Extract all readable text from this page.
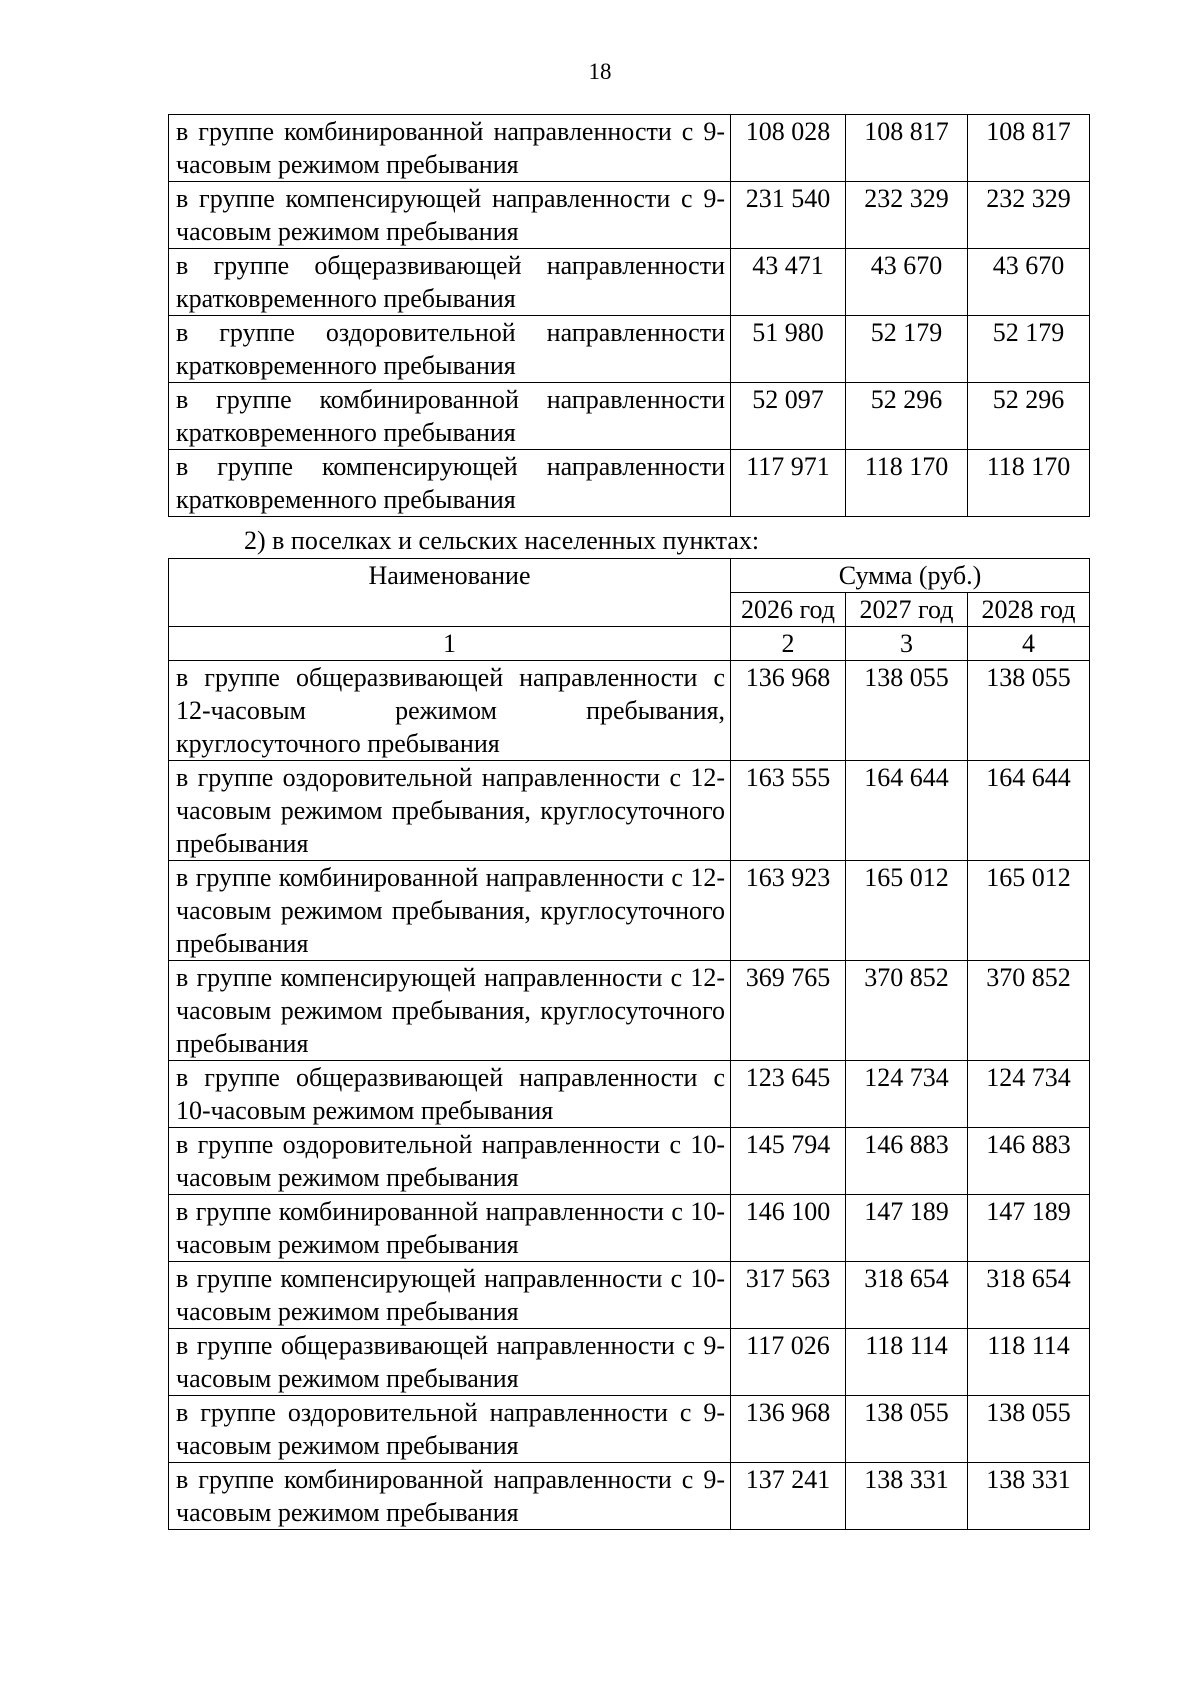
18
в группе комбинированной направленности с 9-часовым режимом пребывания	108 028	108 817	108 817
в группе компенсирующей направленности с 9-часовым режимом пребывания	231 540	232 329	232 329
в группе общеразвивающей направленности кратковременного пребывания	43 471	43 670	43 670
в группе оздоровительной направленности кратковременного пребывания	51 980	52 179	52 179
в группе комбинированной направленности кратковременного пребывания	52 097	52 296	52 296
в группе компенсирующей направленности кратковременного пребывания	117 971	118 170	118 170
2) в поселках и сельских населенных пунктах:
Наименование	Сумма (руб.)		
	2026 год	2027 год	2028 год
1	2	3	4
в группе общеразвивающей направленности с 12-часовым режимом пребывания, круглосуточного пребывания	136 968	138 055	138 055
в группе оздоровительной направленности с 12-часовым режимом пребывания, круглосуточного пребывания	163 555	164 644	164 644
в группе комбинированной направленности с 12-часовым режимом пребывания, круглосуточного пребывания	163 923	165 012	165 012
в группе компенсирующей направленности с 12-часовым режимом пребывания, круглосуточного пребывания	369 765	370 852	370 852
в группе общеразвивающей направленности с 10-часовым режимом пребывания	123 645	124 734	124 734
в группе оздоровительной направленности с 10-часовым режимом пребывания	145 794	146 883	146 883
в группе комбинированной направленности с 10-часовым режимом пребывания	146 100	147 189	147 189
в группе компенсирующей направленности с 10-часовым режимом пребывания	317 563	318 654	318 654
в группе общеразвивающей направленности с 9-часовым режимом пребывания	117 026	118 114	118 114
в группе оздоровительной направленности с 9-часовым режимом пребывания	136 968	138 055	138 055
в группе комбинированной направленности с 9-часовым режимом пребывания	137 241	138 331	138 331
